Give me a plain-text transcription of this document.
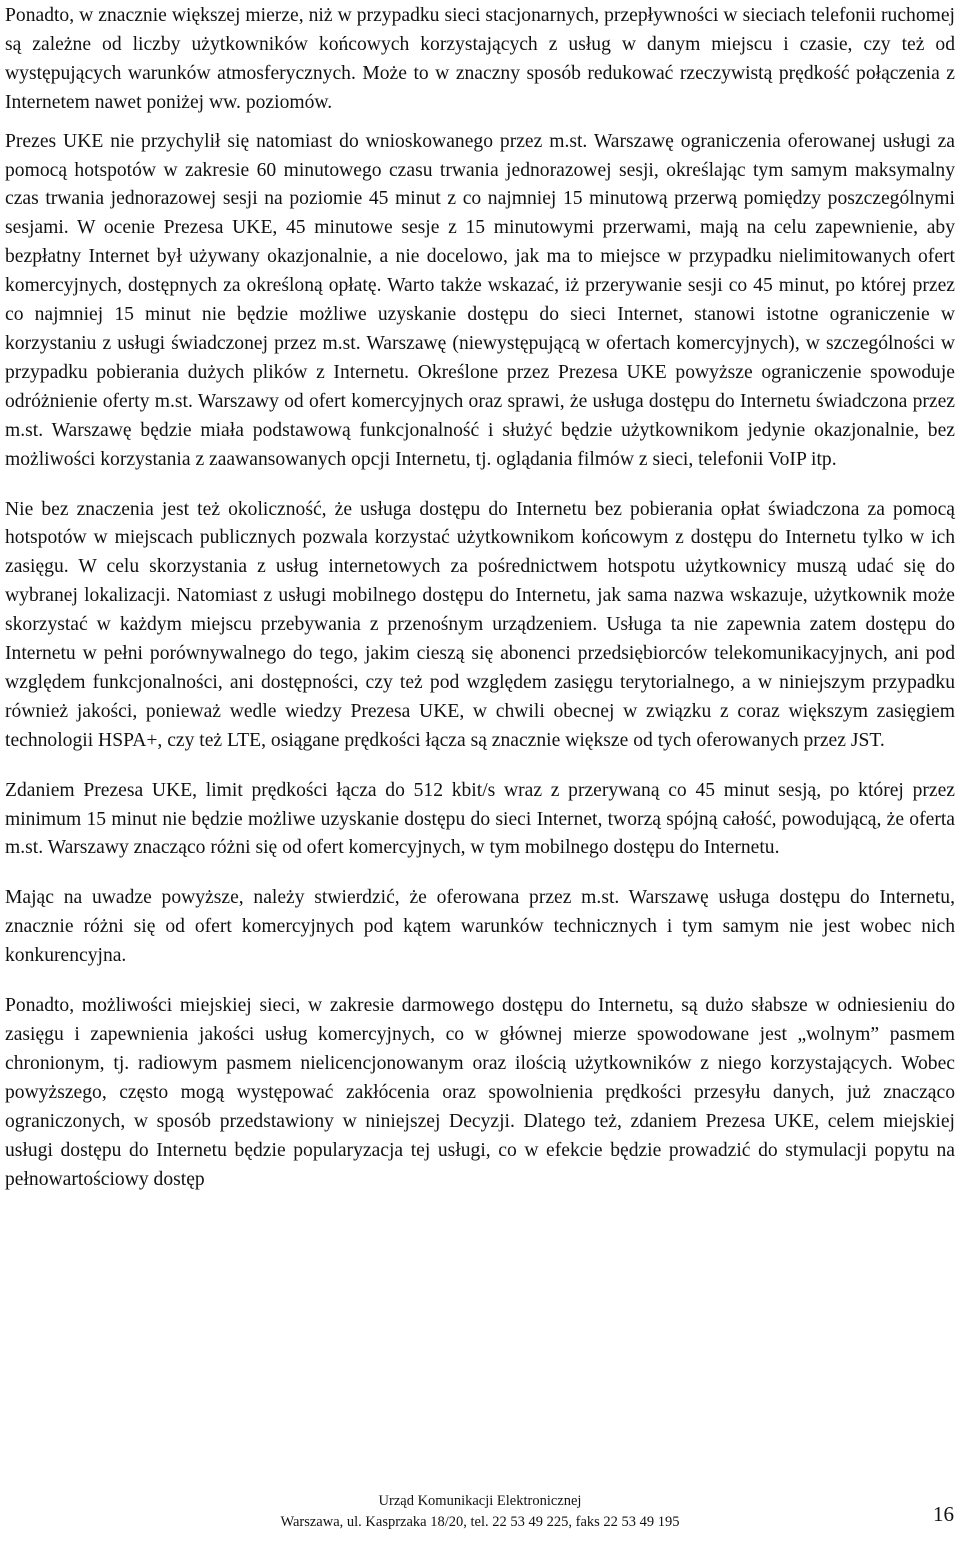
Ponadto, w znacznie większej mierze, niż w przypadku sieci stacjonarnych, przepływności w sieciach telefonii ruchomej są zależne od liczby użytkowników końcowych korzystających z usług w danym miejscu i czasie, czy też od występujących warunków atmosferycznych. Może to w znaczny sposób redukować rzeczywistą prędkość połączenia z Internetem nawet poniżej ww. poziomów.

Prezes UKE nie przychylił się natomiast do wnioskowanego przez m.st. Warszawę ograniczenia oferowanej usługi za pomocą hotspotów w zakresie 60 minutowego czasu trwania jednorazowej sesji, określając tym samym maksymalny czas trwania jednorazowej sesji na poziomie 45 minut z co najmniej 15 minutową przerwą pomiędzy poszczególnymi sesjami. W ocenie Prezesa UKE, 45 minutowe sesje z 15 minutowymi przerwami, mają na celu zapewnienie, aby bezpłatny Internet był używany okazjonalnie, a nie docelowo, jak ma to miejsce w przypadku nielimitowanych ofert komercyjnych, dostępnych za określoną opłatę. Warto także wskazać, iż przerywanie sesji co 45 minut, po której przez co najmniej 15 minut nie będzie możliwe uzyskanie dostępu do sieci Internet, stanowi istotne ograniczenie w korzystaniu z usługi świadczonej przez m.st. Warszawę (niewystępującą w ofertach komercyjnych), w szczególności w przypadku pobierania dużych plików z Internetu. Określone przez Prezesa UKE powyższe ograniczenie spowoduje odróżnienie oferty m.st. Warszawy od ofert komercyjnych oraz sprawi, że usługa dostępu do Internetu świadczona przez m.st. Warszawę będzie miała podstawową funkcjonalność i służyć będzie użytkownikom jedynie okazjonalnie, bez możliwości korzystania z zaawansowanych opcji Internetu, tj. oglądania filmów z sieci, telefonii VoIP itp.

Nie bez znaczenia jest też okoliczność, że usługa dostępu do Internetu bez pobierania opłat świadczona za pomocą hotspotów w miejscach publicznych pozwala korzystać użytkownikom końcowym z dostępu do Internetu tylko w ich zasięgu. W celu skorzystania z usług internetowych za pośrednictwem hotspotu użytkownicy muszą udać się do wybranej lokalizacji. Natomiast z usługi mobilnego dostępu do Internetu, jak sama nazwa wskazuje, użytkownik może skorzystać w każdym miejscu przebywania z przenośnym urządzeniem. Usługa ta nie zapewnia zatem dostępu do Internetu w pełni porównywalnego do tego, jakim cieszą się abonenci przedsiębiorców telekomunikacyjnych, ani pod względem funkcjonalności, ani dostępności, czy też pod względem zasięgu terytorialnego, a w niniejszym przypadku również jakości, ponieważ wedle wiedzy Prezesa UKE, w chwili obecnej w związku z coraz większym zasięgiem technologii HSPA+, czy też LTE, osiągane prędkości łącza są znacznie większe od tych oferowanych przez JST.

Zdaniem Prezesa UKE, limit prędkości łącza do 512 kbit/s wraz z przerywaną co 45 minut sesją, po której przez minimum 15 minut nie będzie możliwe uzyskanie dostępu do sieci Internet, tworzą spójną całość, powodującą, że oferta m.st. Warszawy znacząco różni się od ofert komercyjnych, w tym mobilnego dostępu do Internetu.

Mając na uwadze powyższe, należy stwierdzić, że oferowana przez m.st. Warszawę usługa dostępu do Internetu, znacznie różni się od ofert komercyjnych pod kątem warunków technicznych i tym samym nie jest wobec nich konkurencyjna.

Ponadto, możliwości miejskiej sieci, w zakresie darmowego dostępu do Internetu, są dużo słabsze w odniesieniu do zasięgu i zapewnienia jakości usług komercyjnych, co w głównej mierze spowodowane jest „wolnym” pasmem chronionym, tj. radiowym pasmem nielicencjonowanym oraz ilością użytkowników z niego korzystających. Wobec powyższego, często mogą występować zakłócenia oraz spowolnienia prędkości przesyłu danych, już znacząco ograniczonych, w sposób przedstawiony w niniejszej Decyzji. Dlatego też, zdaniem Prezesa UKE, celem miejskiej usługi dostępu do Internetu będzie popularyzacja tej usługi, co w efekcie będzie prowadzić do stymulacji popytu na pełnowartościowy dostęp

Urząd Komunikacji Elektronicznej
Warszawa, ul. Kasprzaka 18/20, tel. 22 53 49 225, faks 22 53 49 195	16
